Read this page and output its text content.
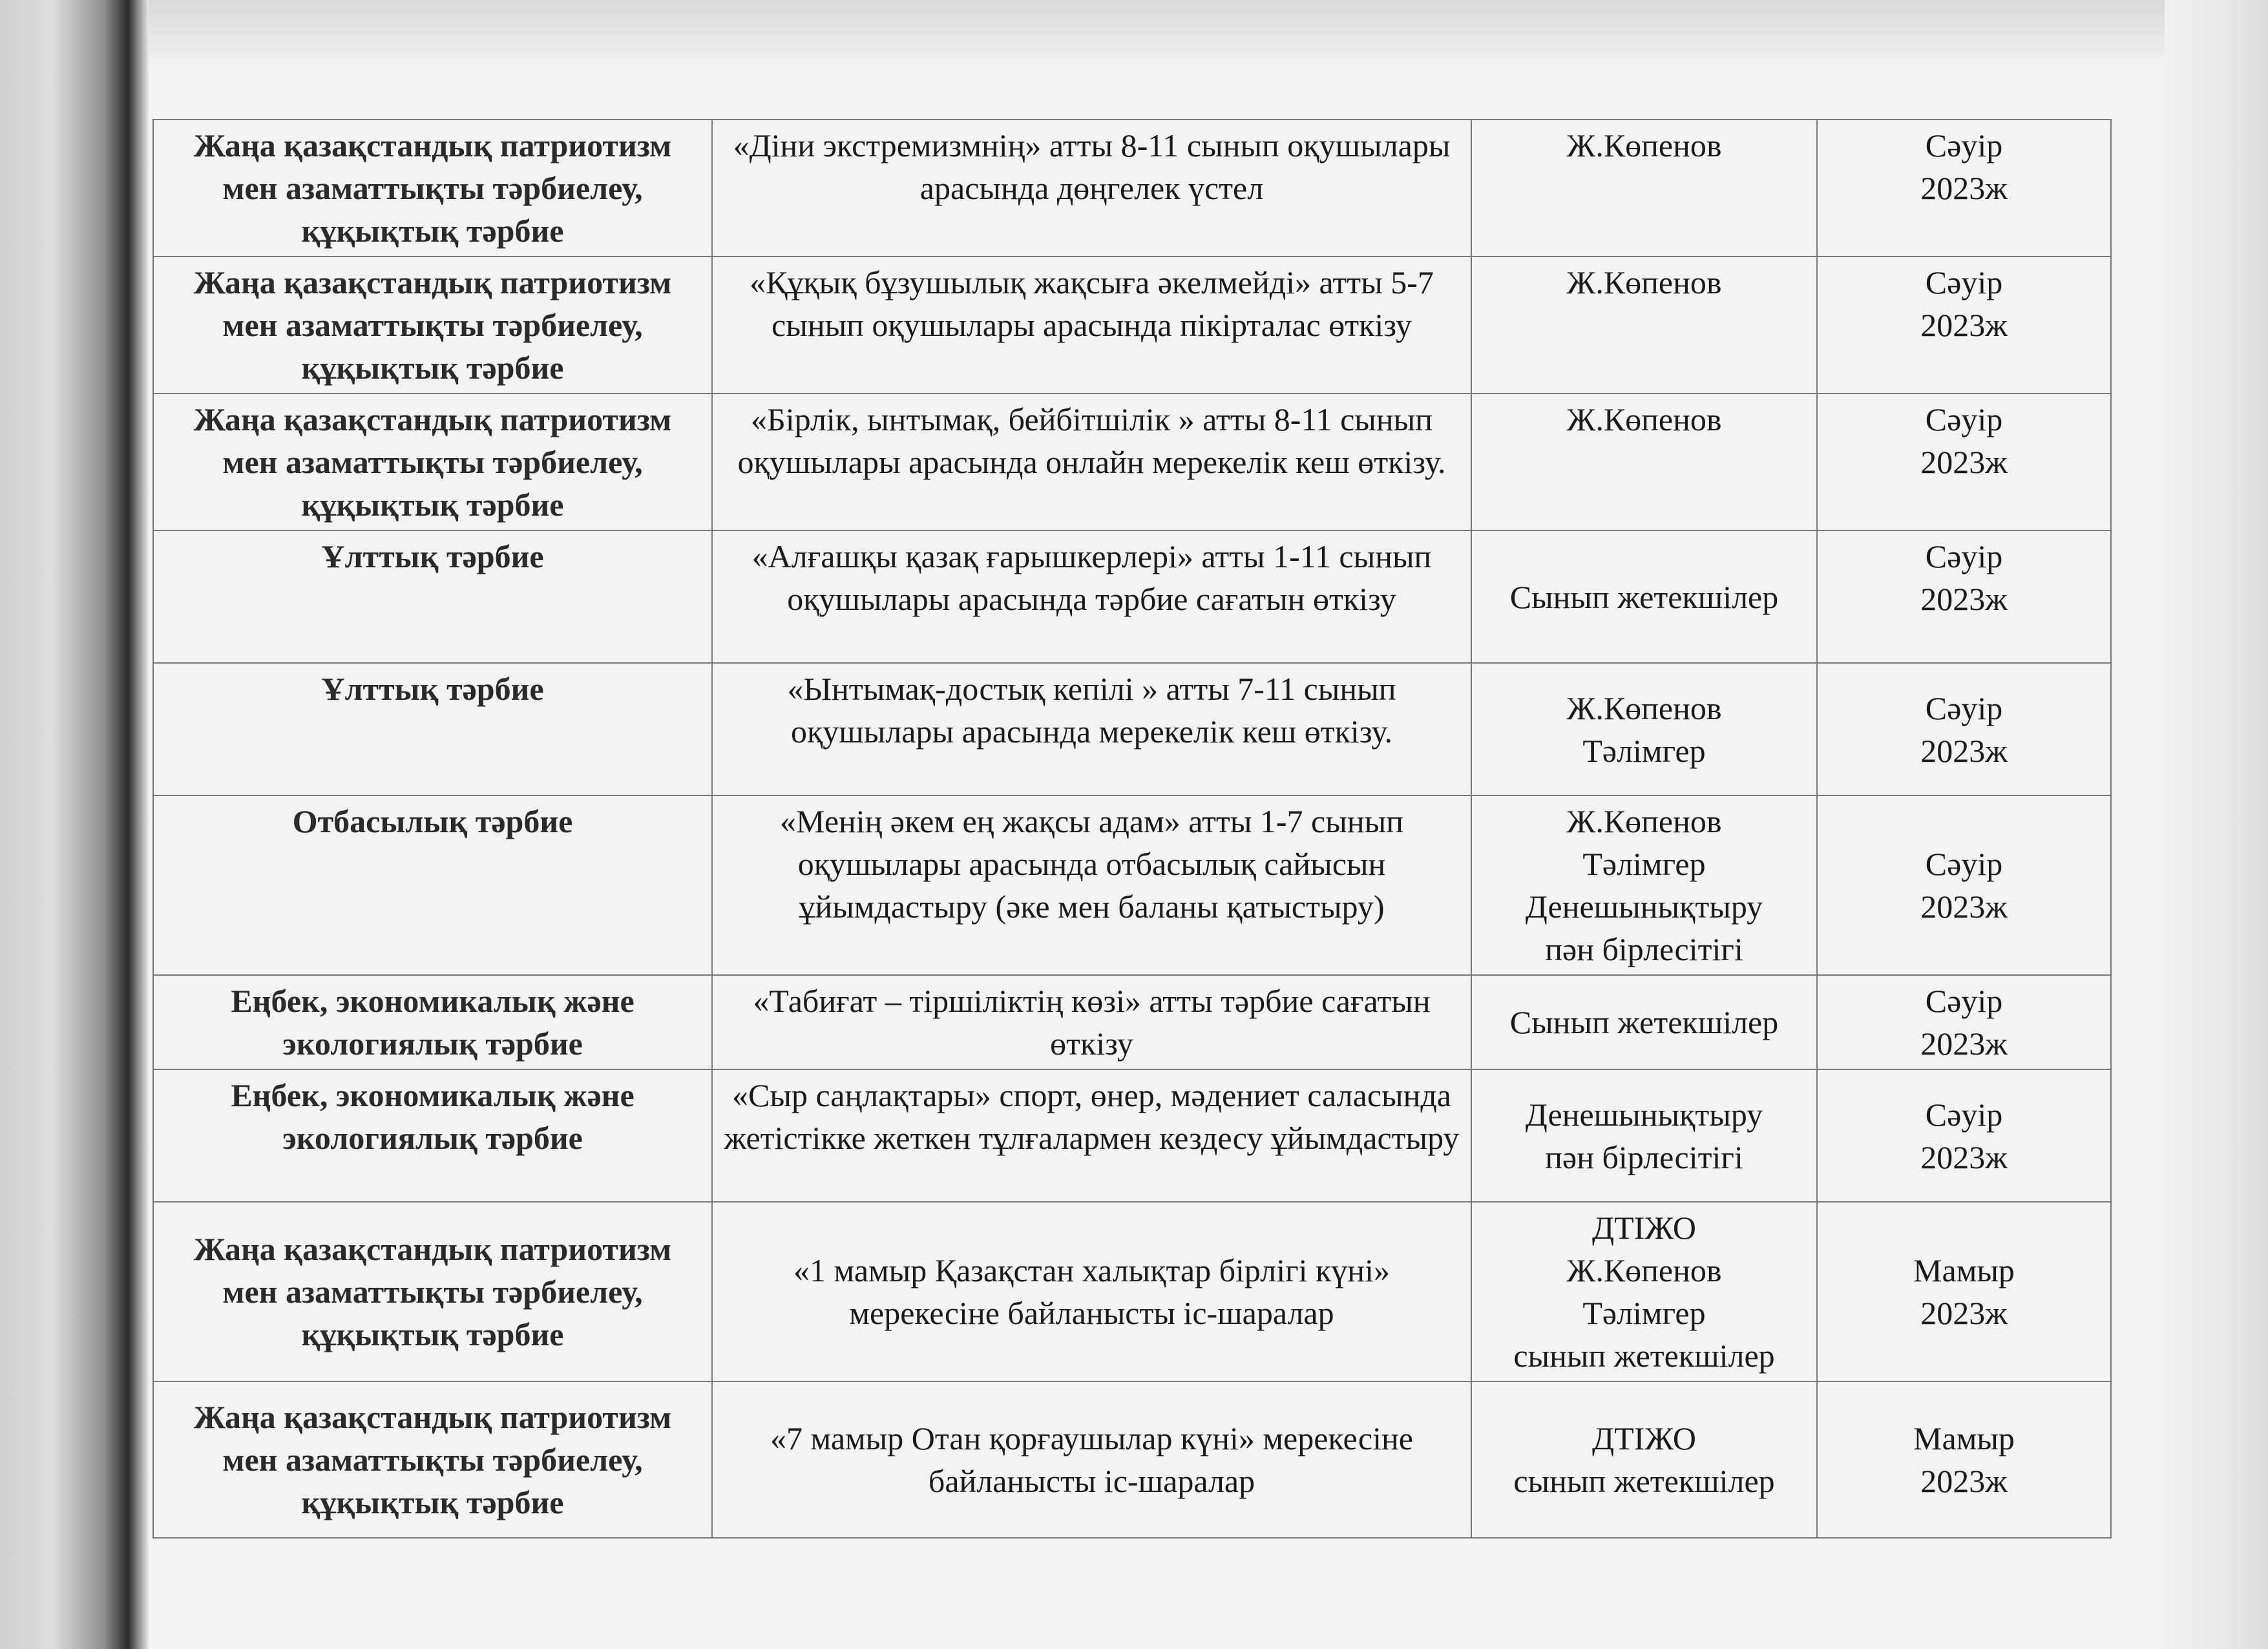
Жаңа қазақстандық патриотизм мен азаматтықты тәрбиелеу, құқықтық тәрбие	«Діни экстремизмнің» атты 8-11 сынып оқушылары арасында дөңгелек үстел	Ж.Көпенов	Сәуір
2023ж
Жаңа қазақстандық патриотизм мен азаматтықты тәрбиелеу, құқықтық тәрбие	«Құқық бұзушылық жақсыға әкелмейді» атты 5-7 сынып оқушылары арасында пікірталас өткізу	Ж.Көпенов	Сәуір
2023ж
Жаңа қазақстандық патриотизм мен азаматтықты тәрбиелеу, құқықтық тәрбие	«Бірлік, ынтымақ, бейбітшілік » атты 8-11 сынып оқушылары арасында онлайн мерекелік кеш өткізу.	Ж.Көпенов	Сәуір
2023ж
Ұлттық тәрбие	«Алғашқы қазақ ғарышкерлері» атты 1-11 сынып оқушылары арасында тәрбие сағатын өткізу	Сынып жетекшілер	Сәуір
2023ж
Ұлттық тәрбие	«Ынтымақ-достық кепілі » атты 7-11 сынып оқушылары арасында мерекелік кеш өткізу.	Ж.Көпенов
Тәлімгер	Сәуір
2023ж
Отбасылық тәрбие	«Менің әкем ең жақсы адам» атты 1-7 сынып оқушылары арасында отбасылық сайысын ұйымдастыру (әке мен баланы қатыстыру)	Ж.Көпенов
Тәлімгер
Денешынықтыру
пән бірлесітігі	Сәуір
2023ж
Еңбек, экономикалық және экологиялық тәрбие	«Табиғат – тіршіліктің көзі» атты тәрбие сағатын өткізу	Сынып жетекшілер	Сәуір
2023ж
Еңбек, экономикалық және экологиялық тәрбие	«Сыр саңлақтары» спорт, өнер, мәдениет саласында жетістікке жеткен тұлғалармен кездесу ұйымдастыру	Денешынықтыру
пән бірлесітігі	Сәуір
2023ж
Жаңа қазақстандық патриотизм мен азаматтықты тәрбиелеу, құқықтық тәрбие	«1 мамыр Қазақстан халықтар бірлігі күні» мерекесіне байланысты іс-шаралар	ДТІЖО
Ж.Көпенов
Тәлімгер
сынып жетекшілер	Мамыр
2023ж
Жаңа қазақстандық патриотизм мен азаматтықты тәрбиелеу, құқықтық тәрбие	«7 мамыр Отан қорғаушылар күні» мерекесіне байланысты іс-шаралар	ДТІЖО
сынып жетекшілер	Мамыр
2023ж
